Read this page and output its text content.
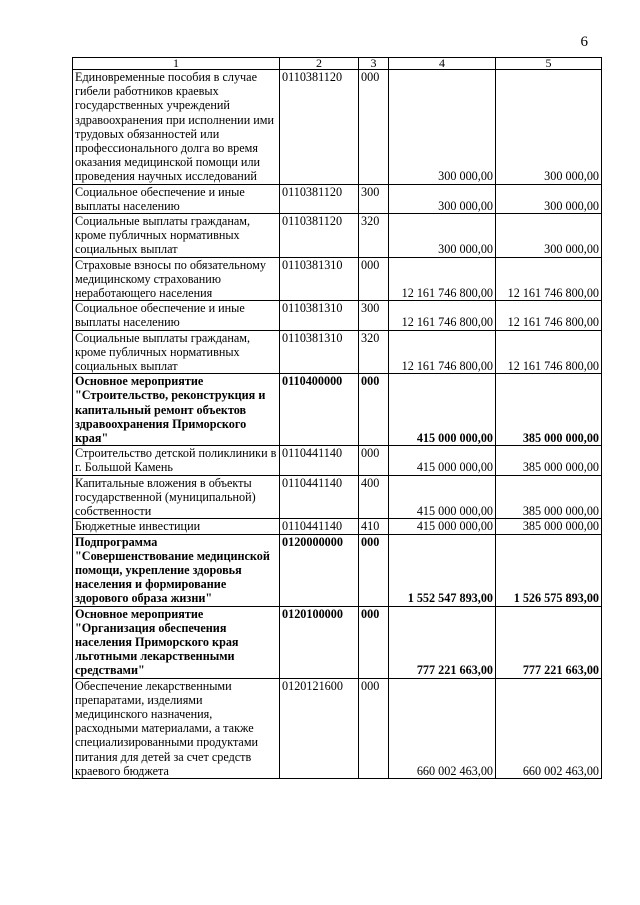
6
1	2	3	4	5
Единовременные пособия в случае гибели работников краевых государственных учреждений здравоохранения при исполнении ими трудовых обязанностей или профессионального долга во время оказания медицинской помощи или проведения научных исследований	0110381120	000	300 000,00	300 000,00
Социальное обеспечение и иные выплаты населению	0110381120	300	300 000,00	300 000,00
Социальные выплаты гражданам, кроме публичных нормативных социальных выплат	0110381120	320	300 000,00	300 000,00
Страховые взносы по обязательному медицинскому страхованию неработающего населения	0110381310	000	12 161 746 800,00	12 161 746 800,00
Социальное обеспечение и иные выплаты населению	0110381310	300	12 161 746 800,00	12 161 746 800,00
Социальные выплаты гражданам, кроме публичных нормативных социальных выплат	0110381310	320	12 161 746 800,00	12 161 746 800,00
Основное мероприятие "Строительство, реконструкция и капитальный ремонт объектов здравоохранения Приморского края"	0110400000	000	415 000 000,00	385 000 000,00
Строительство детской поликлиники в г. Большой Камень	0110441140	000	415 000 000,00	385 000 000,00
Капитальные вложения в объекты государственной (муниципальной) собственности	0110441140	400	415 000 000,00	385 000 000,00
Бюджетные инвестиции	0110441140	410	415 000 000,00	385 000 000,00
Подпрограмма "Совершенствование медицинской помощи, укрепление здоровья населения и формирование здорового образа жизни"	0120000000	000	1 552 547 893,00	1 526 575 893,00
Основное мероприятие "Организация обеспечения населения Приморского края льготными лекарственными средствами"	0120100000	000	777 221 663,00	777 221 663,00
Обеспечение лекарственными препаратами, изделиями медицинского назначения, расходными материалами, а также специализированными продуктами питания для детей за счет средств краевого бюджета	0120121600	000	660 002 463,00	660 002 463,00
